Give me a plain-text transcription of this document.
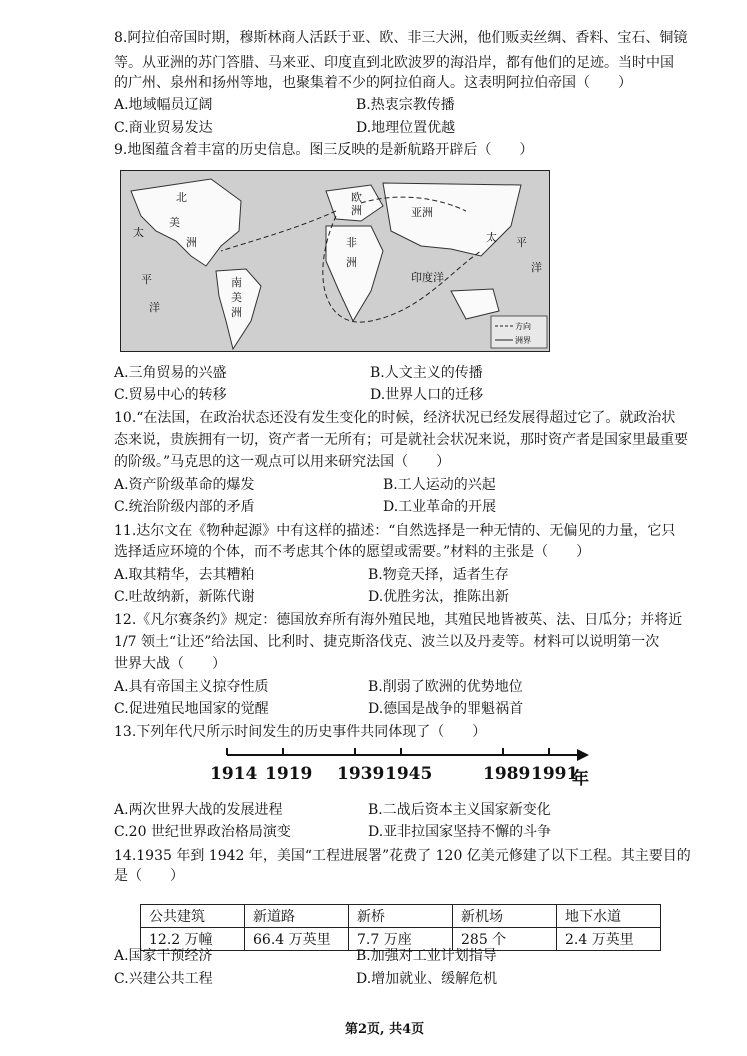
8.阿拉伯帝国时期，穆斯林商人活跃于亚、欧、非三大洲，他们贩卖丝绸、香料、宝石、铜镜
等。从亚洲的苏门答腊、马来亚、印度直到北欧波罗的海沿岸，都有他们的足迹。当时中国
的广州、泉州和扬州等地，也聚集着不少的阿拉伯商人。这表明阿拉伯帝国（　　）
A.地域幅员辽阔	B.热衷宗教传播
C.商业贸易发达	D.地理位置优越
9.地图蕴含着丰富的历史信息。图三反映的是新航路开辟后（　　）
北
美
洲
太
平
洋
南
美
洲
欧
洲	亚洲
非
洲
印度洋
太 平
洋
方向
洲界
A.三角贸易的兴盛	B.人文主义的传播
C.贸易中心的转移	D.世界人口的迁移
10.“在法国，在政治状态还没有发生变化的时候，经济状况已经发展得超过它了。就政治状
态来说，贵族拥有一切，资产者一无所有；可是就社会状况来说，那时资产者是国家里最重要
的阶级。”马克思的这一观点可以用来研究法国（　　）
A.资产阶级革命的爆发	B.工人运动的兴起
C.统治阶级内部的矛盾	D.工业革命的开展
11.达尔文在《物种起源》中有这样的描述：“自然选择是一种无情的、无偏见的力量，它只
选择适应环境的个体，而不考虑其个体的愿望或需要。”材料的主张是（　　）
A.取其精华，去其糟粕	B.物竞天择，适者生存
C.吐故纳新，新陈代谢	D.优胜劣汰，推陈出新
12.《凡尔赛条约》规定：德国放弃所有海外殖民地，其殖民地皆被英、法、日瓜分；并将近
1/7 领土“让还”给法国、比利时、捷克斯洛伐克、波兰以及丹麦等。材料可以说明第一次
世界大战（　　）
A.具有帝国主义掠夺性质	B.削弱了欧洲的优势地位
C.促进殖民地国家的觉醒	D.德国是战争的罪魁祸首
13.下列年代尺所示时间发生的历史事件共同体现了（　　）
1914 1919 1939 1945	1989 1991
年
A.两次世界大战的发展进程	B.二战后资本主义国家新变化
C.20 世纪世界政治格局演变	D.亚非拉国家坚持不懈的斗争
14.1935 年到 1942 年，美国“工程进展署”花费了 120 亿美元修建了以下工程。其主要目的
是（　　）
公共建筑	新道路	新桥	新机场	地下水道
12.2 万幢	66.4 万英里	7.7 万座	285 个	2.4 万英里
A.国家干预经济	B.加强对工业计划指导
C.兴建公共工程	D.增加就业、缓解危机
第2页, 共4页
